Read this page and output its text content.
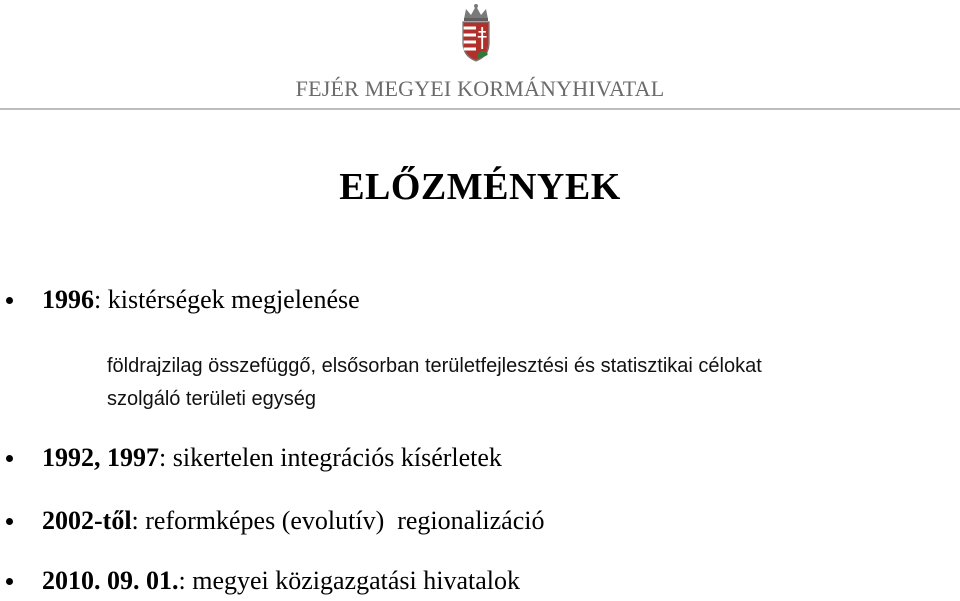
FEJÉR MEGYEI KORMÁNYHIVATAL
ELŐZMÉNYEK
1996: kistérségek megjelenése
földrajzilag összefüggő, elsősorban területfejlesztési és statisztikai célokat
szolgáló területi egység
1992, 1997: sikertelen integrációs kísérletek
2002-től: reformképes (evolutív)  regionalizáció
2010. 09. 01.: megyei közigazgatási hivatalok
